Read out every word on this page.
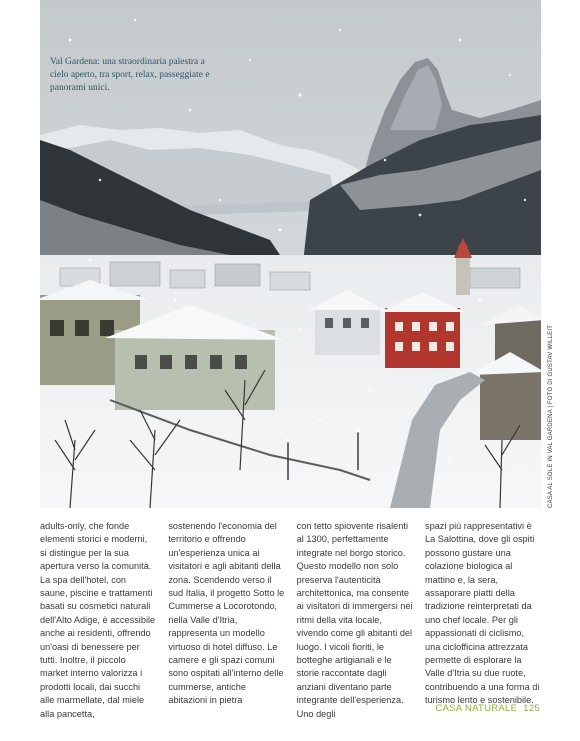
Val Gardena: una straordinaria palestra a cielo aperto, tra sport, relax, passeggiate e panorami unici.
CASA AL SOLE IN VAL GARDENA | FOTO DI GUSTAV WILLEIT
adults-only, che fonde elementi storici e moderni, si distingue per la sua apertura verso la comunità. La spa dell'hotel, con saune, piscine e trattamenti basati su cosmetici naturali dell'Alto Adige, è accessibile anche ai residenti, offrendo un'oasi di benessere per tutti. Inoltre, il piccolo market interno valorizza i prodotti locali, dai succhi alle marmellate, dal miele alla pancetta,
sostenendo l'economia del territorio e offrendo un'esperienza unica ai visitatori e agli abitanti della zona. Scendendo verso il sud Italia, il progetto Sotto le Cummerse a Locorotondo, nella Valle d'Itria, rappresenta un modello virtuoso di hotel diffuso. Le camere e gli spazi comuni sono ospitati all'interno delle cummerse, antiche abitazioni in pietra
con tetto spiovente risalenti al 1300, perfettamente integrate nel borgo storico. Questo modello non solo preserva l'autenticità architettonica, ma consente ai visitatori di immergersi nei ritmi della vita locale, vivendo come gli abitanti del luogo. I vicoli fioriti, le botteghe artigianali e le storie raccontate dagli anziani diventano parte integrante dell'esperienza. Uno degli
spazi più rappresentativi è La Salottina, dove gli ospiti possono gustare una colazione biologica al mattino e, la sera, assaporare piatti della tradizione reinterpretati da uno chef locale. Per gli appassionati di ciclismo, una ciclofficina attrezzata permette di esplorare la Valle d'Itria su due ruote, contribuendo a una forma di turismo lento e sostenibile.
CASA NATURALE 125
